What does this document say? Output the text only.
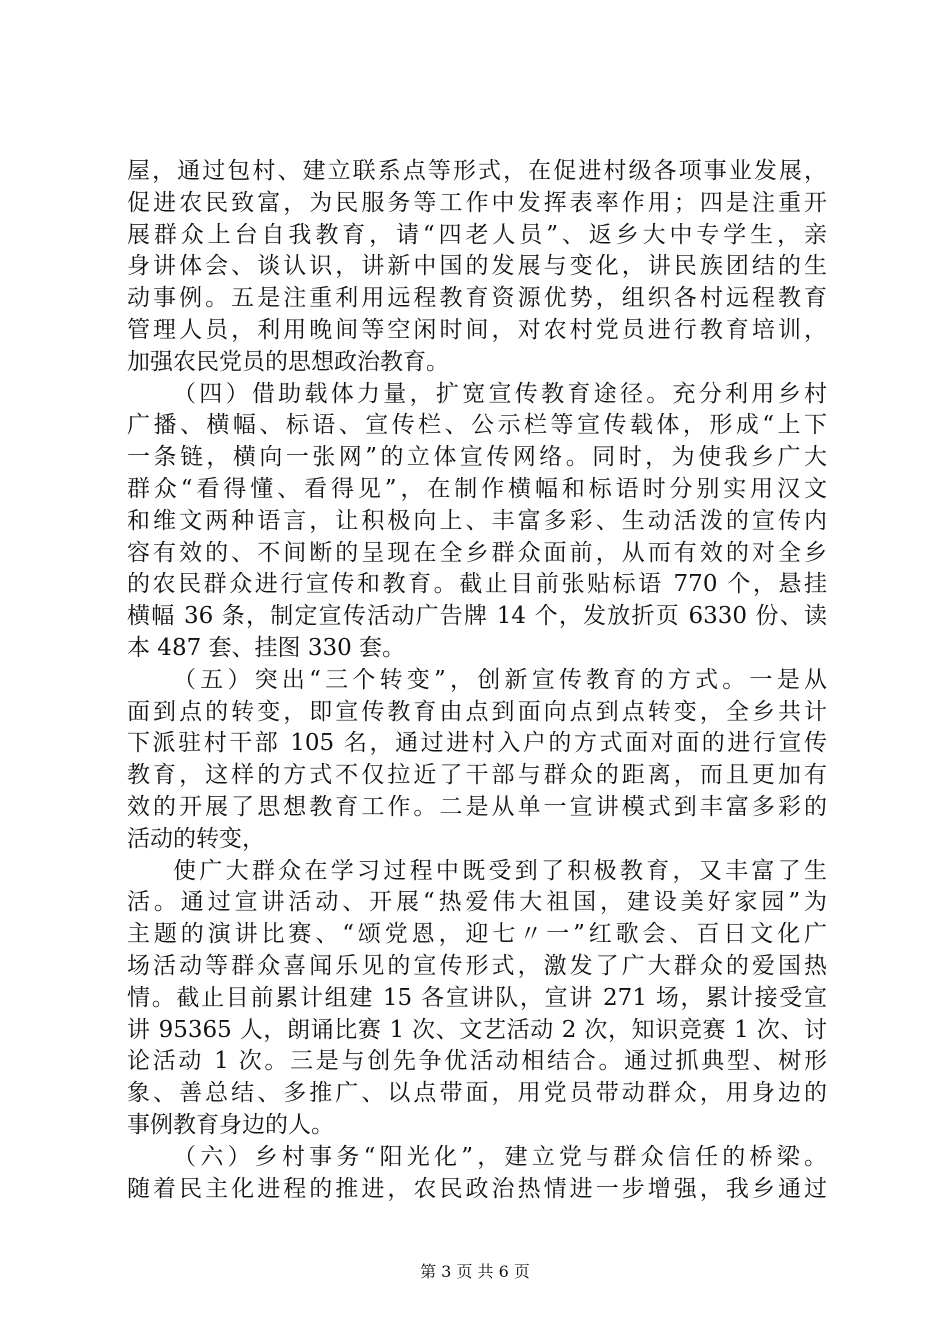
屋，通过包村、建立联系点等形式，在促进村级各项事业发展，
促进农民致富，为民服务等工作中发挥表率作用；四是注重开
展群众上台自我教育，请“四老人员”、返乡大中专学生，亲
身讲体会、谈认识，讲新中国的发展与变化，讲民族团结的生
动事例。五是注重利用远程教育资源优势，组织各村远程教育
管理人员，利用晚间等空闲时间，对农村党员进行教育培训，
加强农民党员的思想政治教育。
（四）借助载体力量，扩宽宣传教育途径。充分利用乡村
广播、横幅、标语、宣传栏、公示栏等宣传载体，形成“上下
一条链，横向一张网”的立体宣传网络。同时，为使我乡广大
群众“看得懂、看得见”，在制作横幅和标语时分别实用汉文
和维文两种语言，让积极向上、丰富多彩、生动活泼的宣传内
容有效的、不间断的呈现在全乡群众面前，从而有效的对全乡
的农民群众进行宣传和教育。截止目前张贴标语 770 个，悬挂
横幅 36 条，制定宣传活动广告牌 14 个，发放折页 6330 份、读
本 487 套、挂图 330 套。
（五）突出“三个转变”，创新宣传教育的方式。一是从
面到点的转变，即宣传教育由点到面向点到点转变，全乡共计
下派驻村干部 105 名，通过进村入户的方式面对面的进行宣传
教育，这样的方式不仅拉近了干部与群众的距离，而且更加有
效的开展了思想教育工作。二是从单一宣讲模式到丰富多彩的
活动的转变，
使广大群众在学习过程中既受到了积极教育，又丰富了生
活。通过宣讲活动、开展“热爱伟大祖国，建设美好家园”为
主题的演讲比赛、“颂党恩，迎七〃一”红歌会、百日文化广
场活动等群众喜闻乐见的宣传形式，激发了广大群众的爱国热
情。截止目前累计组建 15 各宣讲队，宣讲 271 场，累计接受宣
讲 95365 人，朗诵比赛 1 次、文艺活动 2 次，知识竞赛 1 次、讨
论活动 1 次。三是与创先争优活动相结合。通过抓典型、树形
象、善总结、多推广、以点带面，用党员带动群众，用身边的
事例教育身边的人。
（六）乡村事务“阳光化”，建立党与群众信任的桥梁。
随着民主化进程的推进，农民政治热情进一步增强，我乡通过
第 3 页 共 6 页
